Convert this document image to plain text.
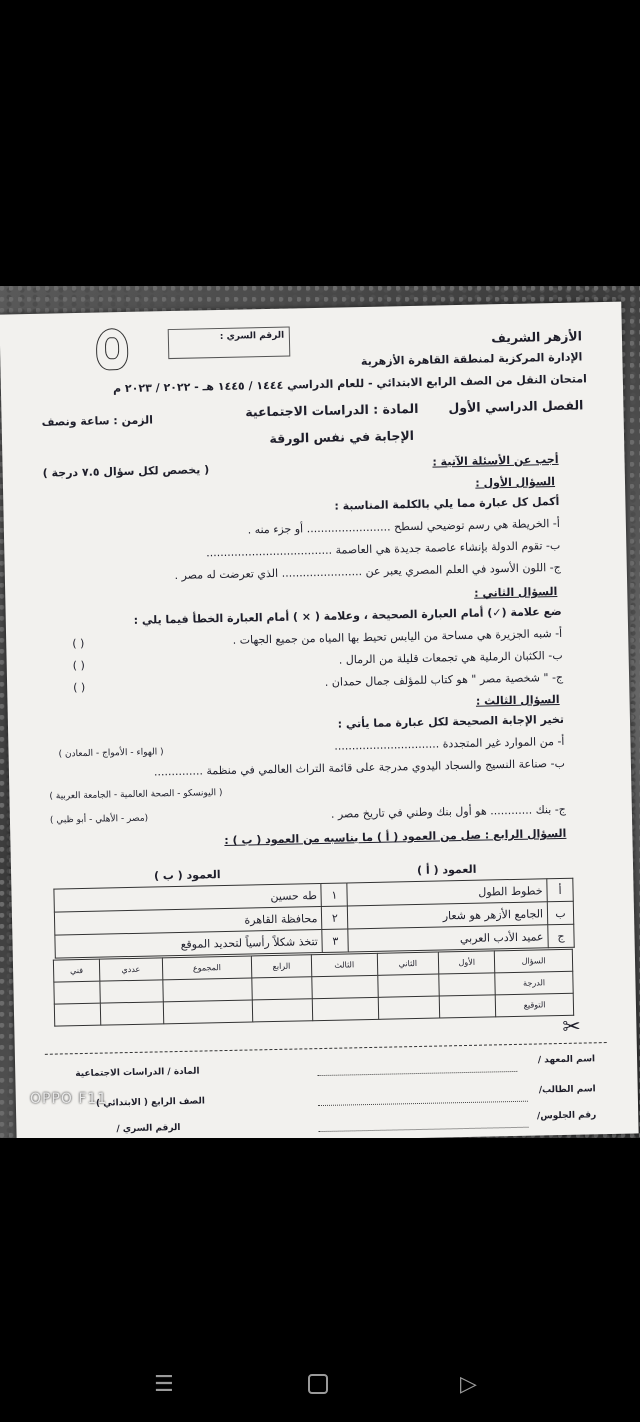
الرقم السري :	الأزهر الشريف
الإدارة المركزية لمنطقة القاهرة الأزهرية
امتحان النقل من الصف الرابع الابتدائي - للعام الدراسي ١٤٤٤ / ١٤٤٥ هـ - ٢٠٢٢ / ٢٠٢٣ م
الفصل الدراسي الأول
المادة : الدراسات الاجتماعية
الزمن : ساعة ونصف
الإجابة في نفس الورقة
أجب عن الأسئلة الآتية :
( يخصص لكل سؤال ٧.٥ درجة )
السؤال الأول :
أكمل كل عبارة مما يلي بالكلمة المناسبة :
أ- الخريطة هي رسم توضيحي لسطح ........................ أو جزء منه .
ب- تقوم الدولة بإنشاء عاصمة جديدة هي العاصمة ....................................
ج- اللون الأسود في العلم المصري يعبر عن ....................... الذي تعرضت له مصر .
السؤال الثاني :
ضع علامة (✓) أمام العبارة الصحيحة ، وعلامة ( × ) أمام العبارة الخطأ فيما يلي :
أ- شبه الجزيرة هي مساحة من اليابس تحيط بها المياه من جميع الجهات .
ب- الكثبان الرملية هي تجمعات قليلة من الرمال .
ج- " شخصية مصر " هو كتاب للمؤلف جمال حمدان .
( )
( )
( )
السؤال الثالث :
تخير الإجابة الصحيحة لكل عبارة مما يأتي :
أ- من الموارد غير المتجددة ..............................
( الهواء - الأمواج - المعادن )
ب- صناعة النسيج والسجاد اليدوي مدرجة على قائمة التراث العالمي في منظمة ..............
( اليونسكو - الصحة العالمية - الجامعة العربية )
ج- بنك ............ هو أول بنك وطني في تاريخ مصر .
(مصر - الأهلي - أبو ظبي )
السؤال الرابع : صل من العمود ( أ ) ما يناسبه من العمود ( ب ) :
	العمود ( أ )		العمود ( ب )
أ	خطوط الطول	١	طه حسين
ب	الجامع الأزهر هو شعار	٢	محافظة القاهرة
ج	عميد الأدب العربي	٣	تتخذ شكلاً رأسياً لتحديد الموقع
السؤال	الأول	الثاني	الثالث	الرابع	المجموع	عددي	فني
الدرجة							
التوقيع							
✂
اسم المعهد /
المادة / الدراسات الاجتماعية
اسم الطالب/
الصف الرابع ( الابتدائي )
رقم الجلوس/
الرقم السري /
OPPO F11
☰	▷
